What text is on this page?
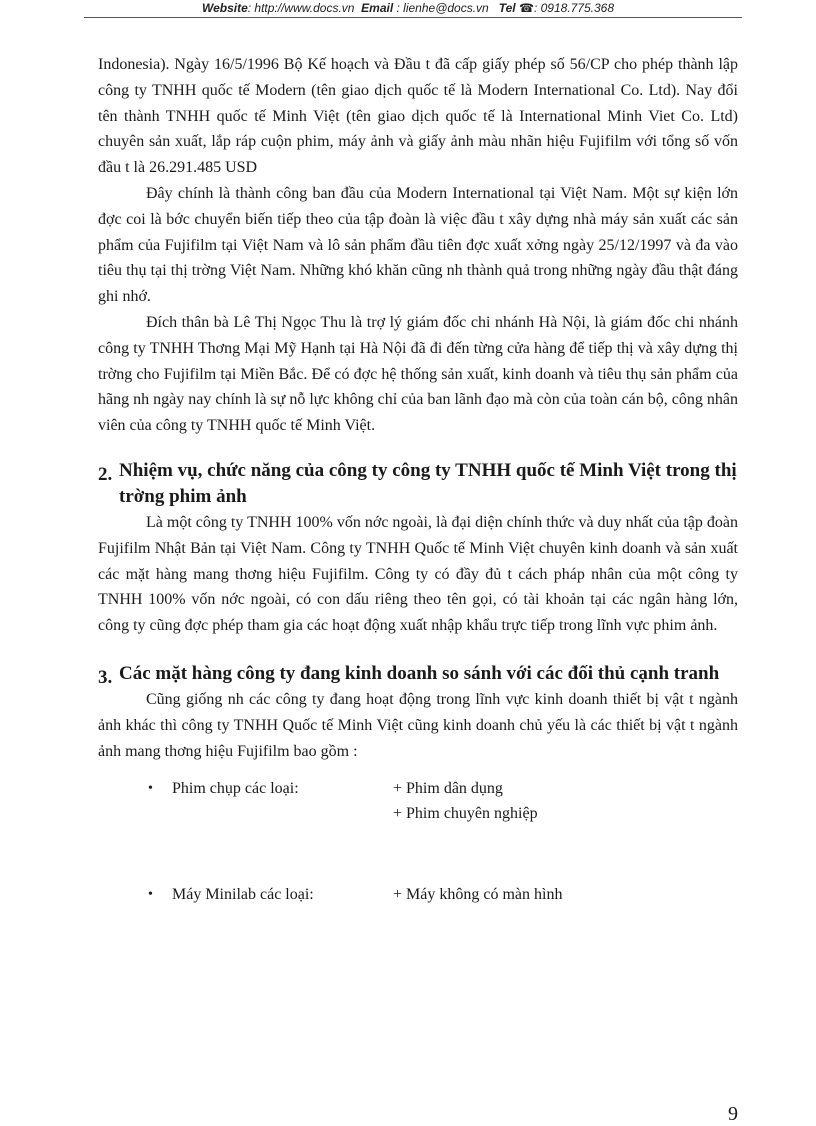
Website: http://www.docs.vn Email : lienhe@docs.vn Tel ☎: 0918.775.368

Indonesia). Ngày 16/5/1996 Bộ Kế hoạch và Đầu t đã cấp giấy phép số 56/CP cho phép thành lập công ty TNHH quốc tế Modern (tên giao dịch quốc tế là Modern International Co. Ltd). Nay đổi tên thành TNHH quốc tế Minh Việt (tên giao dịch quốc tế là International Minh Viet Co. Ltd) chuyên sản xuất, lắp ráp cuộn phim, máy ảnh và giấy ảnh màu nhãn hiệu Fujifilm với tổng số vốn đầu t là 26.291.485 USD

Đây chính là thành công ban đầu của Modern International tại Việt Nam. Một sự kiện lớn đợc coi là bớc chuyển biến tiếp theo của tập đoàn là việc đầu t xây dựng nhà máy sản xuất các sản phẩm của Fujifilm tại Việt Nam và lô sản phẩm đầu tiên đợc xuất xởng ngày 25/12/1997 và đa vào tiêu thụ tại thị trờng Việt Nam. Những khó khăn cũng nh thành quả trong những ngày đầu thật đáng ghi nhớ.

Đích thân bà Lê Thị Ngọc Thu là trợ lý giám đốc chi nhánh Hà Nội, là giám đốc chi nhánh công ty TNHH Thơng Mại Mỹ Hạnh tại Hà Nội đã đi đến từng cửa hàng để tiếp thị và xây dựng thị trờng cho Fujifilm tại Miền Bắc. Để có đợc hệ thống sản xuất, kinh doanh và tiêu thụ sản phẩm của hãng nh ngày nay chính là sự nỗ lực không chỉ của ban lãnh đạo mà còn của toàn cán bộ, công nhân viên của công ty TNHH quốc tế Minh Việt.

2. Nhiệm vụ, chức năng của công ty công ty TNHH quốc tế Minh Việt trong thị trờng phim ảnh

Là một công ty TNHH 100% vốn nớc ngoài, là đại diện chính thức và duy nhất của tập đoàn Fujifilm Nhật Bản tại Việt Nam. Công ty TNHH Quốc tế Minh Việt chuyên kinh doanh và sản xuất các mặt hàng mang thơng hiệu Fujifilm. Công ty có đầy đủ t cách pháp nhân của một công ty TNHH 100% vốn nớc ngoài, có con dấu riêng theo tên gọi, có tài khoản tại các ngân hàng lớn, công ty cũng đợc phép tham gia các hoạt động xuất nhập khẩu trực tiếp trong lĩnh vực phim ảnh.

3. Các mặt hàng công ty đang kinh doanh so sánh với các đối thủ cạnh tranh

Cũng giống nh các công ty đang hoạt động trong lĩnh vực kinh doanh thiết bị vật t ngành ảnh khác thì công ty TNHH Quốc tế Minh Việt cũng kinh doanh chủ yếu là các thiết bị vật t ngành ảnh mang thơng hiệu Fujifilm bao gồm :

• Phim chụp các loại:	+ Phim dân dụng
+ Phim chuyên nghiệp
• Máy Minilab các loại:	+ Máy không có màn hình
9
